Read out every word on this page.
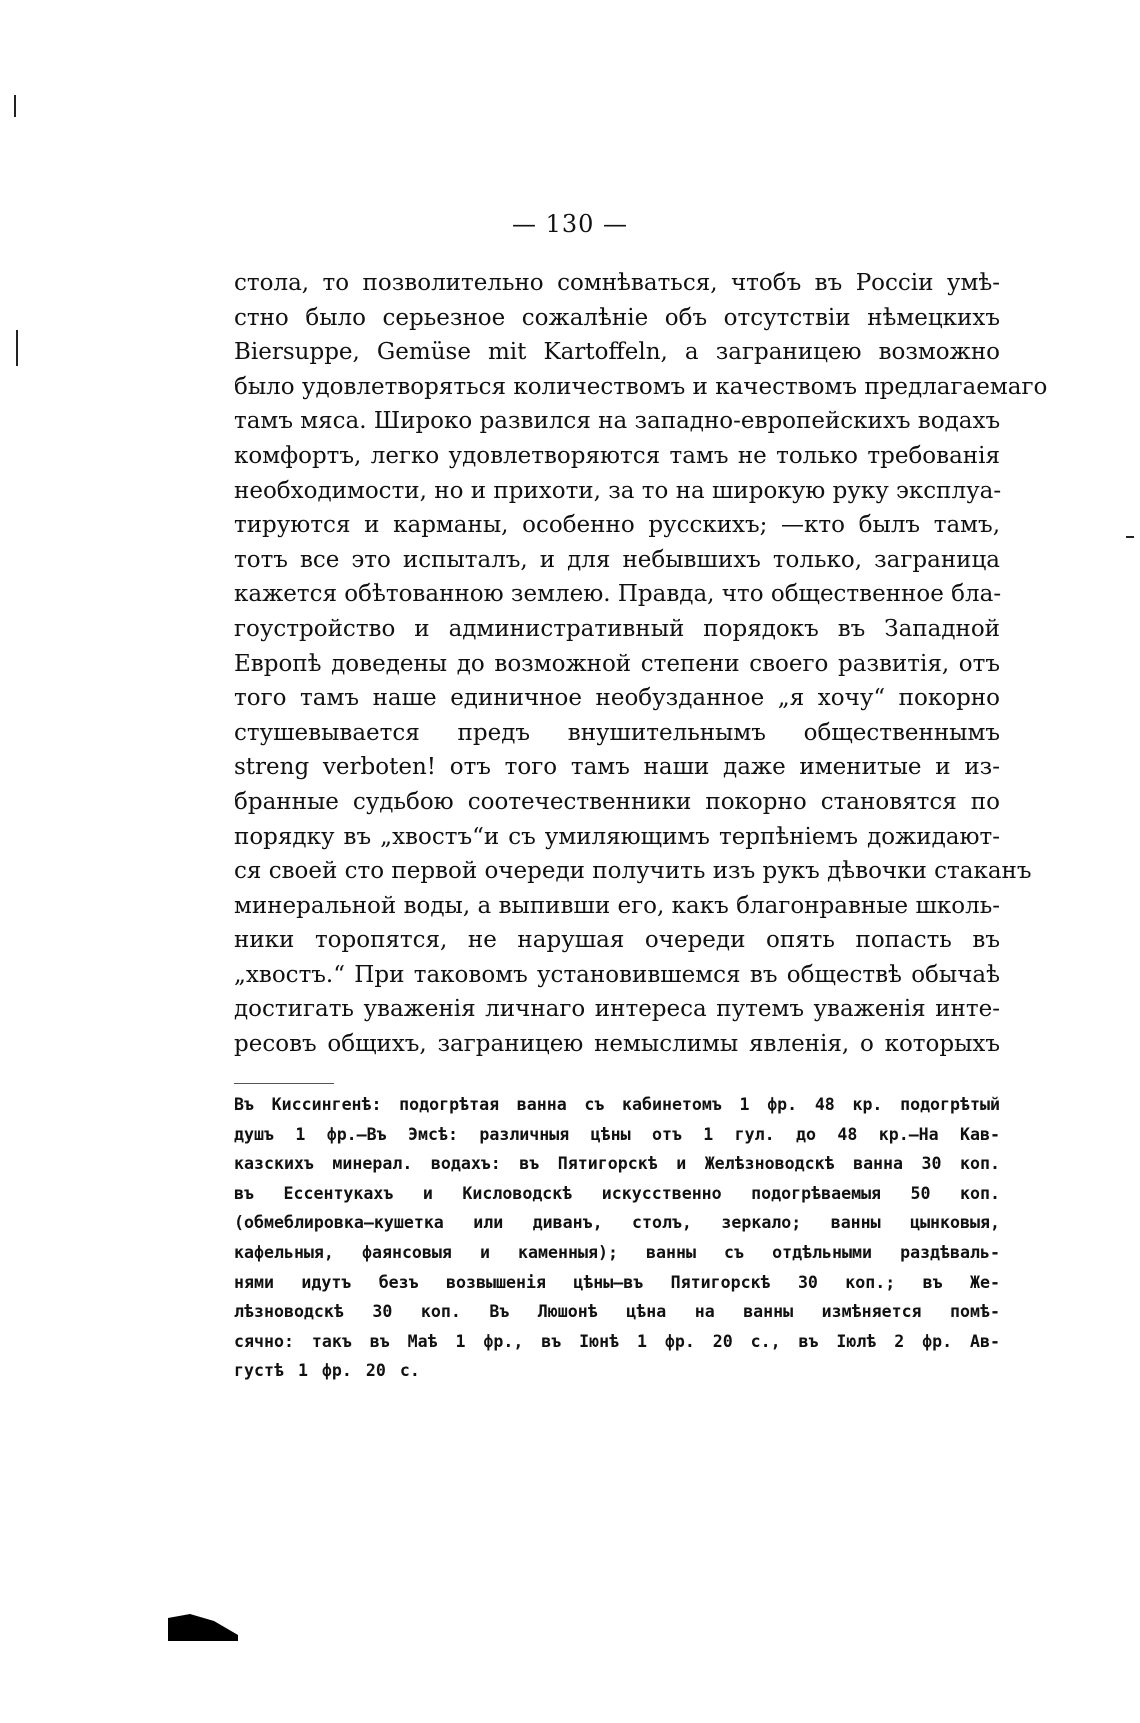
— 130 —
стола, то позволительно сомнѣваться, чтобъ въ Россіи умѣ-
стно было серьезное сожалѣніе объ отсутствіи нѣмецкихъ
Biersuppe, Gemüse mit Kartoffeln, а заграницею возможно
было удовлетворяться количествомъ и качествомъ предлагаемаго
тамъ мяса. Широко развился на западно-европейскихъ водахъ
комфортъ, легко удовлетворяются тамъ не только требованія
необходимости, но и прихоти, за то на широкую руку эксплуа-
тируются и карманы, особенно русскихъ; —кто былъ тамъ,
тотъ все это испыталъ, и для небывшихъ только, заграница
кажется обѣтованною землею. Правда, что общественное бла-
гоустройство и административный порядокъ въ Западной
Европѣ доведены до возможной степени своего развитія, отъ
того тамъ наше единичное необузданное „я хочу“ покорно
стушевывается предъ внушительнымъ общественнымъ
streng verboten! отъ того тамъ наши даже именитые и из-
бранные судьбою соотечественники покорно становятся по
порядку въ „хвостъ“и съ умиляющимъ терпѣніемъ дожидают-
ся своей сто первой очереди получить изъ рукъ дѣвочки стаканъ
минеральной воды, а выпивши его, какъ благонравные школь-
ники торопятся, не нарушая очереди опять попасть въ
„хвостъ.“ При таковомъ установившемся въ обществѣ обычаѣ
достигать уваженія личнаго интереса путемъ уваженія инте-
ресовъ общихъ, заграницею немыслимы явленія, о которыхъ
Въ Киссингенѣ: подогрѣтая ванна съ кабинетомъ 1 фр. 48 кр. подогрѣтый
душъ 1 фр.—Въ Эмсѣ: различныя цѣны отъ 1 гул. до 48 кр.—На Кав-
казскихъ минерал. водахъ: въ Пятигорскѣ и Желѣзноводскѣ ванна 30 коп.
въ Ессентукахъ и Кисловодскѣ искусственно подогрѣваемыя 50 коп.
(обмеблировка—кушетка или диванъ, столъ, зеркало; ванны цынковыя,
кафельныя, фаянсовыя и каменныя); ванны съ отдѣльными раздѣваль-
нями идутъ безъ возвышенія цѣны—въ Пятигорскѣ 30 коп.; въ Же-
лѣзноводскѣ 30 коп. Въ Люшонѣ цѣна на ванны измѣняется помѣ-
сячно: такъ въ Маѣ 1 фр., въ Іюнѣ 1 фр. 20 с., въ Іюлѣ 2 фр. Ав-
густѣ 1 фр. 20 с.
